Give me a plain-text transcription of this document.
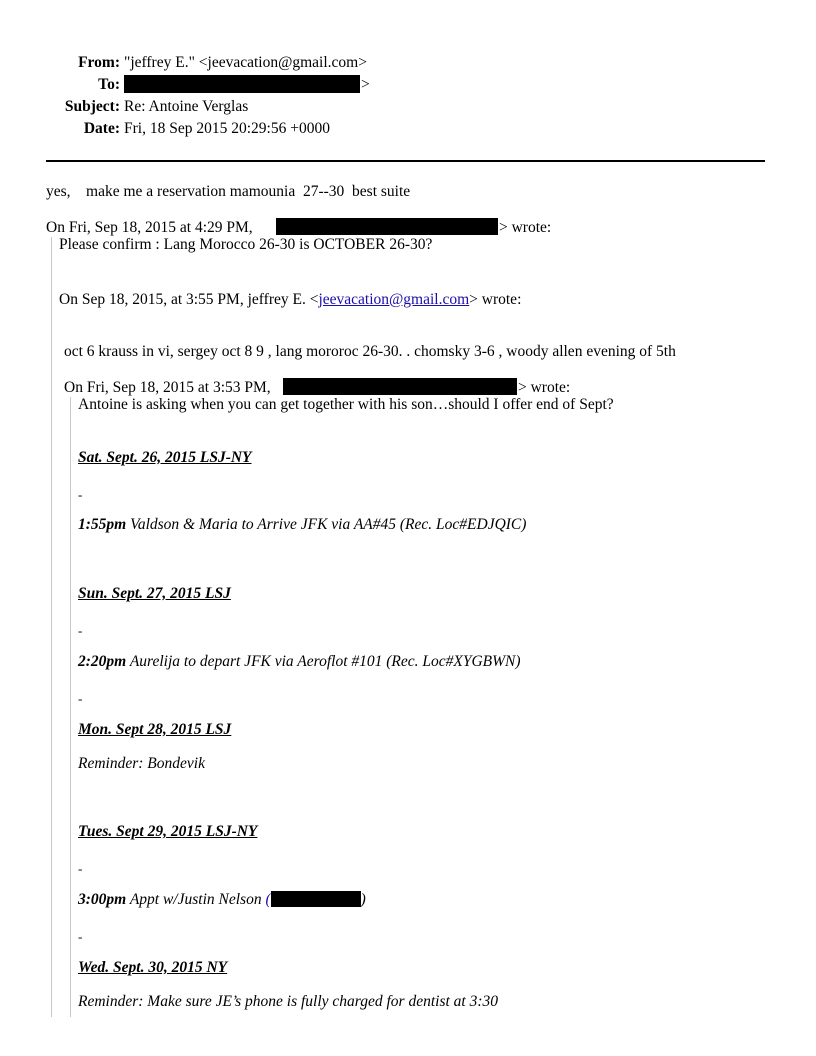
From: "jeffrey E." <jeevacation@gmail.com>
To:	>
Subject: Re: Antoine Verglas
Date: Fri, 18 Sep 2015 20:29:56 +0000
yes,    make me a reservation mamounia  27--30  best suite
On Fri, Sep 18, 2015 at 4:29 PM,	> wrote:
Please confirm : Lang Morocco 26-30 is OCTOBER 26-30?
On Sep 18, 2015, at 3:55 PM, jeffrey E. <jeevacation@gmail.com> wrote:
oct 6 krauss in vi, sergey oct 8 9 , lang mororoc 26-30. . chomsky 3-6 , woody allen evening of 5th
On Fri, Sep 18, 2015 at 3:53 PM,	> wrote:
Antoine is asking when you can get together with his son…should I offer end of Sept?
Sat. Sept. 26, 2015 LSJ-NY
-
1:55pm Valdson & Maria to Arrive JFK via AA#45 (Rec. Loc#EDJQIC)
Sun. Sept. 27, 2015 LSJ
-
2:20pm Aurelija to depart JFK via Aeroflot #101 (Rec. Loc#XYGBWN)
-
Mon. Sept 28, 2015 LSJ
Reminder: Bondevik
Tues. Sept 29, 2015 LSJ-NY
-
3:00pm Appt w/Justin Nelson (	)
-
Wed. Sept. 30, 2015 NY
Reminder: Make sure JE’s phone is fully charged for dentist at 3:30
